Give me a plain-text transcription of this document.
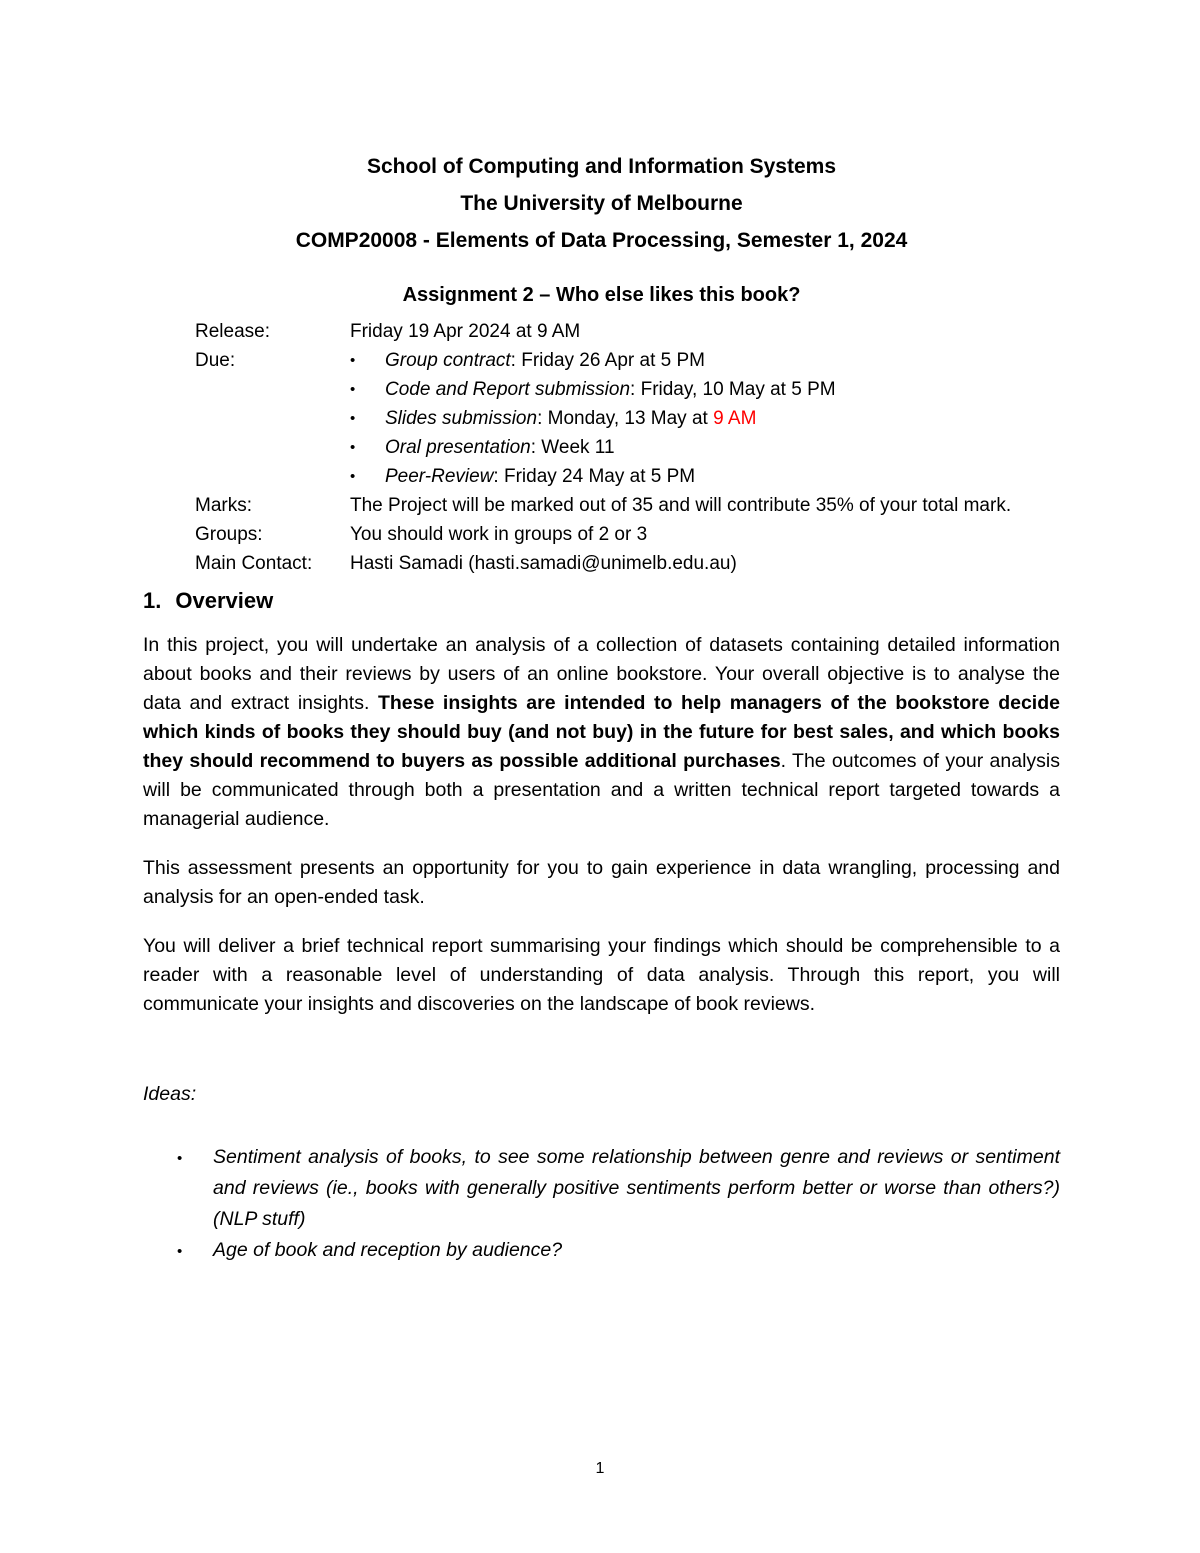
School of Computing and Information Systems
The University of Melbourne
COMP20008 - Elements of Data Processing, Semester 1, 2024
Assignment 2 – Who else likes this book?
Release:	Friday 19 Apr 2024 at 9 AM
Due:	•	Group contract: Friday 26 Apr at 5 PM
•	Code and Report submission: Friday, 10 May at 5 PM
•	Slides submission: Monday, 13 May at 9 AM
•	Oral presentation: Week 11
•	Peer-Review: Friday 24 May at 5 PM
Marks:	The Project will be marked out of 35 and will contribute 35% of your total mark.
Groups:	You should work in groups of 2 or 3
Main Contact:	Hasti Samadi (hasti.samadi@unimelb.edu.au)
1. Overview
In this project, you will undertake an analysis of a collection of datasets containing detailed information about books and their reviews by users of an online bookstore. Your overall objective is to analyse the data and extract insights. These insights are intended to help managers of the bookstore decide which kinds of books they should buy (and not buy) in the future for best sales, and which books they should recommend to buyers as possible additional purchases. The outcomes of your analysis will be communicated through both a presentation and a written technical report targeted towards a managerial audience.
This assessment presents an opportunity for you to gain experience in data wrangling, processing and analysis for an open-ended task.
You will deliver a brief technical report summarising your findings which should be comprehensible to a reader with a reasonable level of understanding of data analysis. Through this report, you will communicate your insights and discoveries on the landscape of book reviews.
Ideas:
•	Sentiment analysis of books, to see some relationship between genre and reviews or sentiment and reviews (ie., books with generally positive sentiments perform better or worse than others?) (NLP stuff)
•	Age of book and reception by audience?
1
